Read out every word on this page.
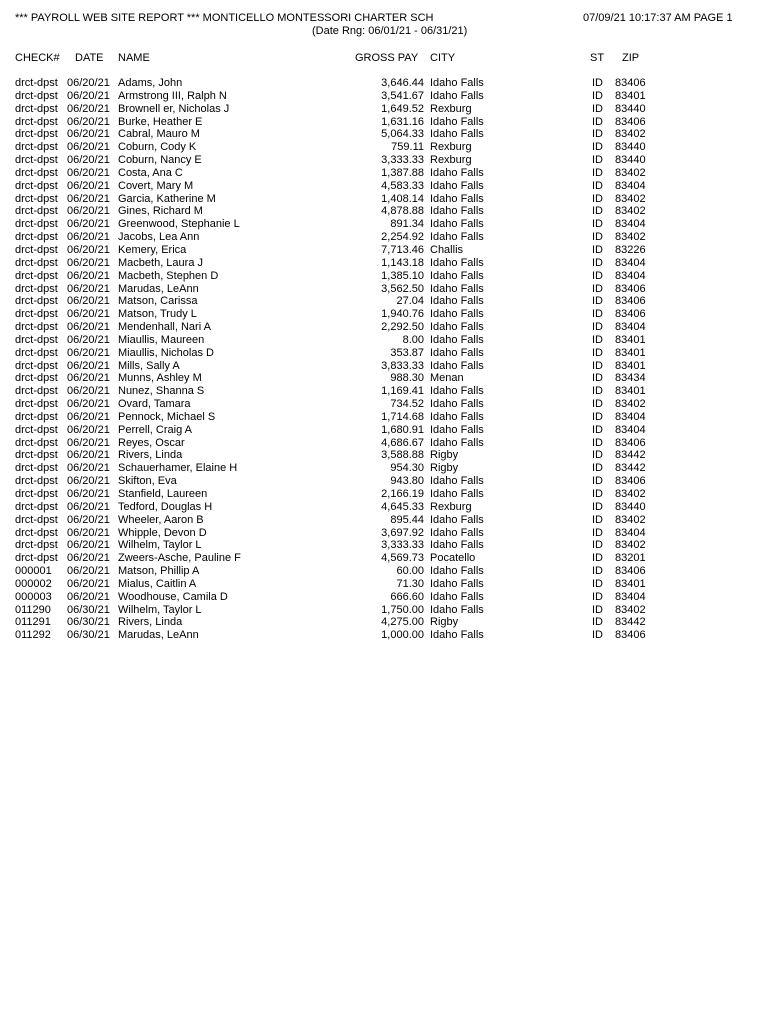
*** PAYROLL WEB SITE REPORT *** MONTICELLO MONTESSORI CHARTER SCH
(Date Rng: 06/01/21 - 06/31/21)
07/09/21 10:17:37 AM PAGE 1
CHECK# DATE NAME	GROSS PAY CITY	ST ZIP
drct-dpst 06/20/21 Adams, John	3,646.44 Idaho Falls	ID 83406
drct-dpst 06/20/21 Armstrong III, Ralph N	3,541.67 Idaho Falls	ID 83401
drct-dpst 06/20/21 Brownell er, Nicholas J	1,649.52 Rexburg	ID 83440
drct-dpst 06/20/21 Burke, Heather E	1,631.16 Idaho Falls	ID 83406
drct-dpst 06/20/21 Cabral, Mauro M	5,064.33 Idaho Falls	ID 83402
drct-dpst 06/20/21 Coburn, Cody K	759.11 Rexburg	ID 83440
drct-dpst 06/20/21 Coburn, Nancy E	3,333.33 Rexburg	ID 83440
drct-dpst 06/20/21 Costa, Ana C	1,387.88 Idaho Falls	ID 83402
drct-dpst 06/20/21 Covert, Mary M	4,583.33 Idaho Falls	ID 83404
drct-dpst 06/20/21 Garcia, Katherine M	1,408.14 Idaho Falls	ID 83402
drct-dpst 06/20/21 Gines, Richard M	4,878.88 Idaho Falls	ID 83402
drct-dpst 06/20/21 Greenwood, Stephanie L	891.34 Idaho Falls	ID 83404
drct-dpst 06/20/21 Jacobs, Lea Ann	2,254.92 Idaho Falls	ID 83402
drct-dpst 06/20/21 Kemery, Erica	7,713.46 Challis	ID 83226
drct-dpst 06/20/21 Macbeth, Laura J	1,143.18 Idaho Falls	ID 83404
drct-dpst 06/20/21 Macbeth, Stephen D	1,385.10 Idaho Falls	ID 83404
drct-dpst 06/20/21 Marudas, LeAnn	3,562.50 Idaho Falls	ID 83406
drct-dpst 06/20/21 Matson, Carissa	27.04 Idaho Falls	ID 83406
drct-dpst 06/20/21 Matson, Trudy L	1,940.76 Idaho Falls	ID 83406
drct-dpst 06/20/21 Mendenhall, Nari A	2,292.50 Idaho Falls	ID 83404
drct-dpst 06/20/21 Miaullis, Maureen	8.00 Idaho Falls	ID 83401
drct-dpst 06/20/21 Miaullis, Nicholas D	353.87 Idaho Falls	ID 83401
drct-dpst 06/20/21 Mills, Sally A	3,833.33 Idaho Falls	ID 83401
drct-dpst 06/20/21 Munns, Ashley M	988.30 Menan	ID 83434
drct-dpst 06/20/21 Nunez, Shanna S	1,169.41 Idaho Falls	ID 83401
drct-dpst 06/20/21 Ovard, Tamara	734.52 Idaho Falls	ID 83402
drct-dpst 06/20/21 Pennock, Michael S	1,714.68 Idaho Falls	ID 83404
drct-dpst 06/20/21 Perrell, Craig A	1,680.91 Idaho Falls	ID 83404
drct-dpst 06/20/21 Reyes, Oscar	4,686.67 Idaho Falls	ID 83406
drct-dpst 06/20/21 Rivers, Linda	3,588.88 Rigby	ID 83442
drct-dpst 06/20/21 Schauerhamer, Elaine H	954.30 Rigby	ID 83442
drct-dpst 06/20/21 Skifton, Eva	943.80 Idaho Falls	ID 83406
drct-dpst 06/20/21 Stanfield, Laureen	2,166.19 Idaho Falls	ID 83402
drct-dpst 06/20/21 Tedford, Douglas H	4,645.33 Rexburg	ID 83440
drct-dpst 06/20/21 Wheeler, Aaron B	895.44 Idaho Falls	ID 83402
drct-dpst 06/20/21 Whipple, Devon D	3,697.92 Idaho Falls	ID 83404
drct-dpst 06/20/21 Wilhelm, Taylor L	3,333.33 Idaho Falls	ID 83402
drct-dpst 06/20/21 Zweers-Asche, Pauline F	4,569.73 Pocatello	ID 83201
000001 06/20/21 Matson, Phillip A	60.00 Idaho Falls	ID 83406
000002 06/20/21 Mialus, Caitlin A	71.30 Idaho Falls	ID 83401
000003 06/20/21 Woodhouse, Camila D	666.60 Idaho Falls	ID 83404
011290 06/30/21 Wilhelm, Taylor L	1,750.00 Idaho Falls	ID 83402
011291 06/30/21 Rivers, Linda	4,275.00 Rigby	ID 83442
011292 06/30/21 Marudas, LeAnn	1,000.00 Idaho Falls	ID 83406
